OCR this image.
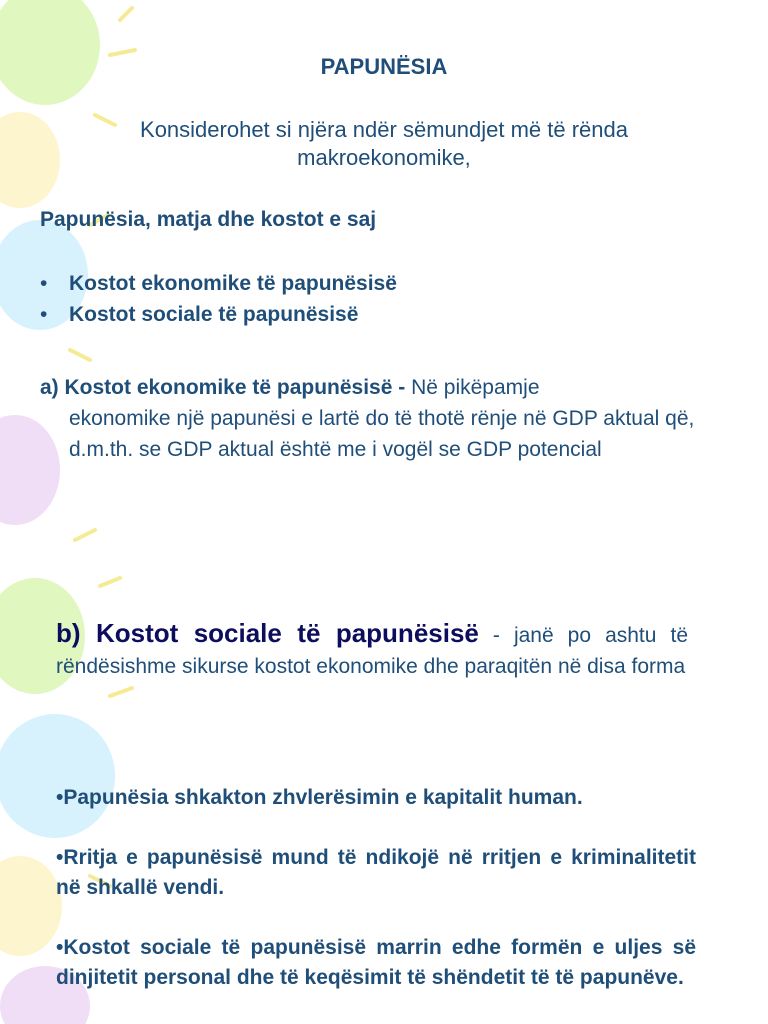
PAPUNËSIA
Konsiderohet si njëra ndër sëmundjet më të rënda makroekonomike,
Papunësia, matja dhe kostot e saj
• Kostot ekonomike të papunësisë
• Kostot sociale të papunësisë
a) Kostot ekonomike të papunësisë - Në pikëpamje
ekonomike një papunësi e lartë do të thotë rënje në GDP aktual që, d.m.th. se GDP aktual është me i vogël se GDP potencial
b) Kostot sociale të papunësisë - janë po ashtu të rëndësishme sikurse kostot ekonomike dhe paraqitën në disa forma
•Papunësia shkakton zhvlerësimin e kapitalit human.
•Rritja e papunësisë mund të ndikojë në rritjen e kriminalitetit në shkallë vendi.
•Kostot sociale të papunësisë marrin edhe formën e uljes së dinjitetit personal dhe të keqësimit të shëndetit të të papunëve.
